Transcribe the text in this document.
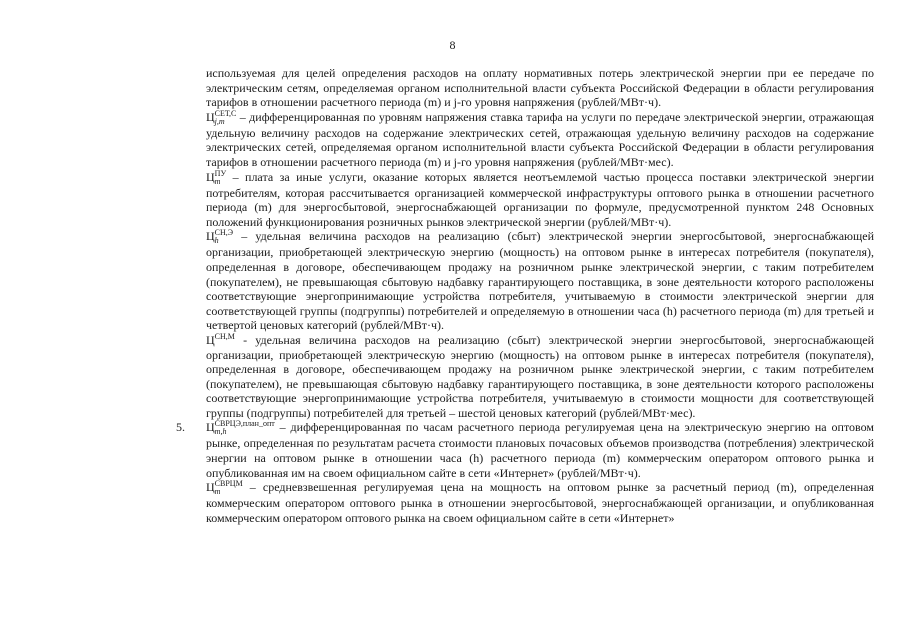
8

используемая для целей определения расходов на оплату нормативных потерь электрической энергии при ее передаче по электрическим сетям, определяемая органом исполнительной власти субъекта Российской Федерации в области регулирования тарифов в отношении расчетного периода (m) и j-го уровня напряжения (рублей/МВт·ч).

Ц СЕТ,С
j,m – дифференцированная по уровням напряжения ставка тарифа на услуги по передаче электрической энергии, отражающая удельную величину расходов на содержание электрических сетей, отражающая удельную величину расходов на содержание электрических сетей, определяемая органом исполнительной власти субъекта Российской Федерации в области регулирования тарифов в отношении расчетного периода (m) и j-го уровня напряжения (рублей/МВт·мес).

Ц ПУ
m – плата за иные услуги, оказание которых является неотъемлемой частью процесса поставки электрической энергии потребителям, которая рассчитывается организацией коммерческой инфраструктуры оптового рынка в отношении расчетного периода (m) для энергосбытовой, энергоснабжающей организации по формуле, предусмотренной пунктом 248 Основных положений функционирования розничных рынков электрической энергии (рублей/МВт·ч).

Ц СН,Э
h	– удельная величина расходов на реализацию (сбыт) электрической энергии энергосбытовой, энергоснабжающей организации, приобретающей электрическую энергию (мощность) на оптовом рынке в интересах потребителя (покупателя), определенная в договоре, обеспечивающем продажу на розничном рынке электрической энергии, с таким потребителем (покупателем), не превышающая сбытовую надбавку гарантирующего поставщика, в зоне деятельности которого расположены соответствующие энергопринимающие устройства потребителя, учитываемую в стоимости электрической энергии для соответствующей группы (подгруппы) потребителей и определяемую в отношении часа (h) расчетного периода (m) для третьей и четвертой ценовых категорий (рублей/МВт·ч).

$Ц^{СН,М}$ - удельная величина расходов на реализацию (сбыт) электрической энергии энергосбытовой, энергоснабжающей организации, приобретающей электрическую энергию (мощность) на оптовом рынке в интересах потребителя (покупателя), определенная в договоре, обеспечивающем продажу на розничном рынке электрической энергии, с таким потребителем (покупателем), не превышающая сбытовую надбавку гарантирующего поставщика, в зоне деятельности которого расположены соответствующие энергопринимающие устройства потребителя, учитываемую в стоимости мощности для соответствующей группы (подгруппы) потребителей для третьей – шестой ценовых категорий (рублей/МВт·мес).

5. Ц СВРЦЭ,план_опт
m,h	– дифференцированная по часам расчетного периода регулируемая цена на электрическую энергию на оптовом рынке, определенная по результатам расчета стоимости плановых почасовых объемов производства (потребления) электрической энергии на оптовом рынке в отношении часа (h) расчетного периода (m) коммерческим оператором оптового рынка и опубликованная им на своем официальном сайте в сети «Интернет» (рублей/МВт·ч).

Ц СВРЦМ
m	– средневзвешенная регулируемая цена на мощность на оптовом рынке за расчетный период (m), определенная коммерческим оператором оптового рынка в отношении энергосбытовой, энергоснабжающей организации, и опубликованная коммерческим оператором оптового рынка на своем официальном сайте в сети «Интернет»
